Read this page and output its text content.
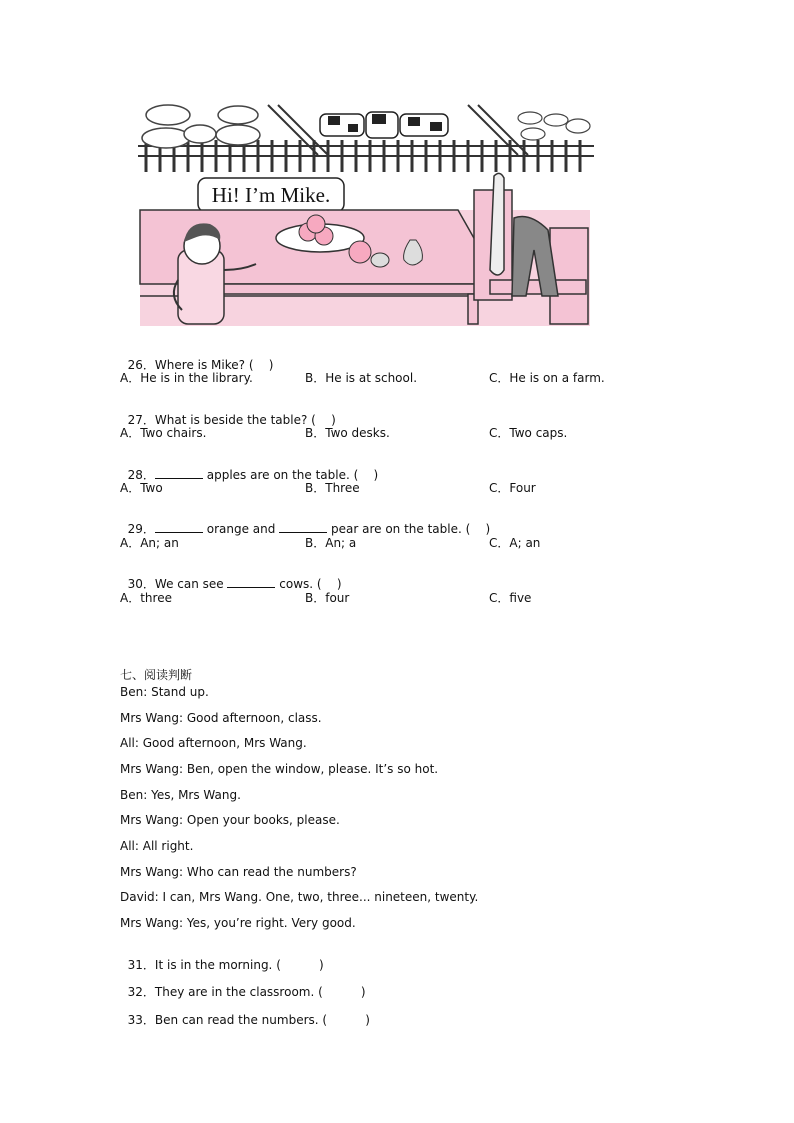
Hi! I’m Mike.

26．Where is Mike? (    )

A．He is in the library.	B．He is at school.	C．He is on a farm.

27．What is beside the table? (    )

A．Two chairs.	B．Two desks.	C．Two caps.

28．	apples are on the table. (    )

A．Two	B．Three	C．Four

29．	orange and	pear are on the table. (    )

A．An; an	B．An; a	C．A; an

30．We can see	cows. (    )

A．three	B．four	C．five
七、阅读判断
Ben: Stand up.
Mrs Wang: Good afternoon, class.
All: Good afternoon, Mrs Wang.
Mrs Wang: Ben, open the window, please. It’s so hot.
Ben: Yes, Mrs Wang.
Mrs Wang: Open your books, please.
All: All right.
Mrs Wang: Who can read the numbers?
David: I can, Mrs Wang. One, two, three... nineteen, twenty.
Mrs Wang: Yes, you’re right. Very good.

31．It is in the morning. (          )

32．They are in the classroom. (          )

33．Ben can read the numbers. (          )
